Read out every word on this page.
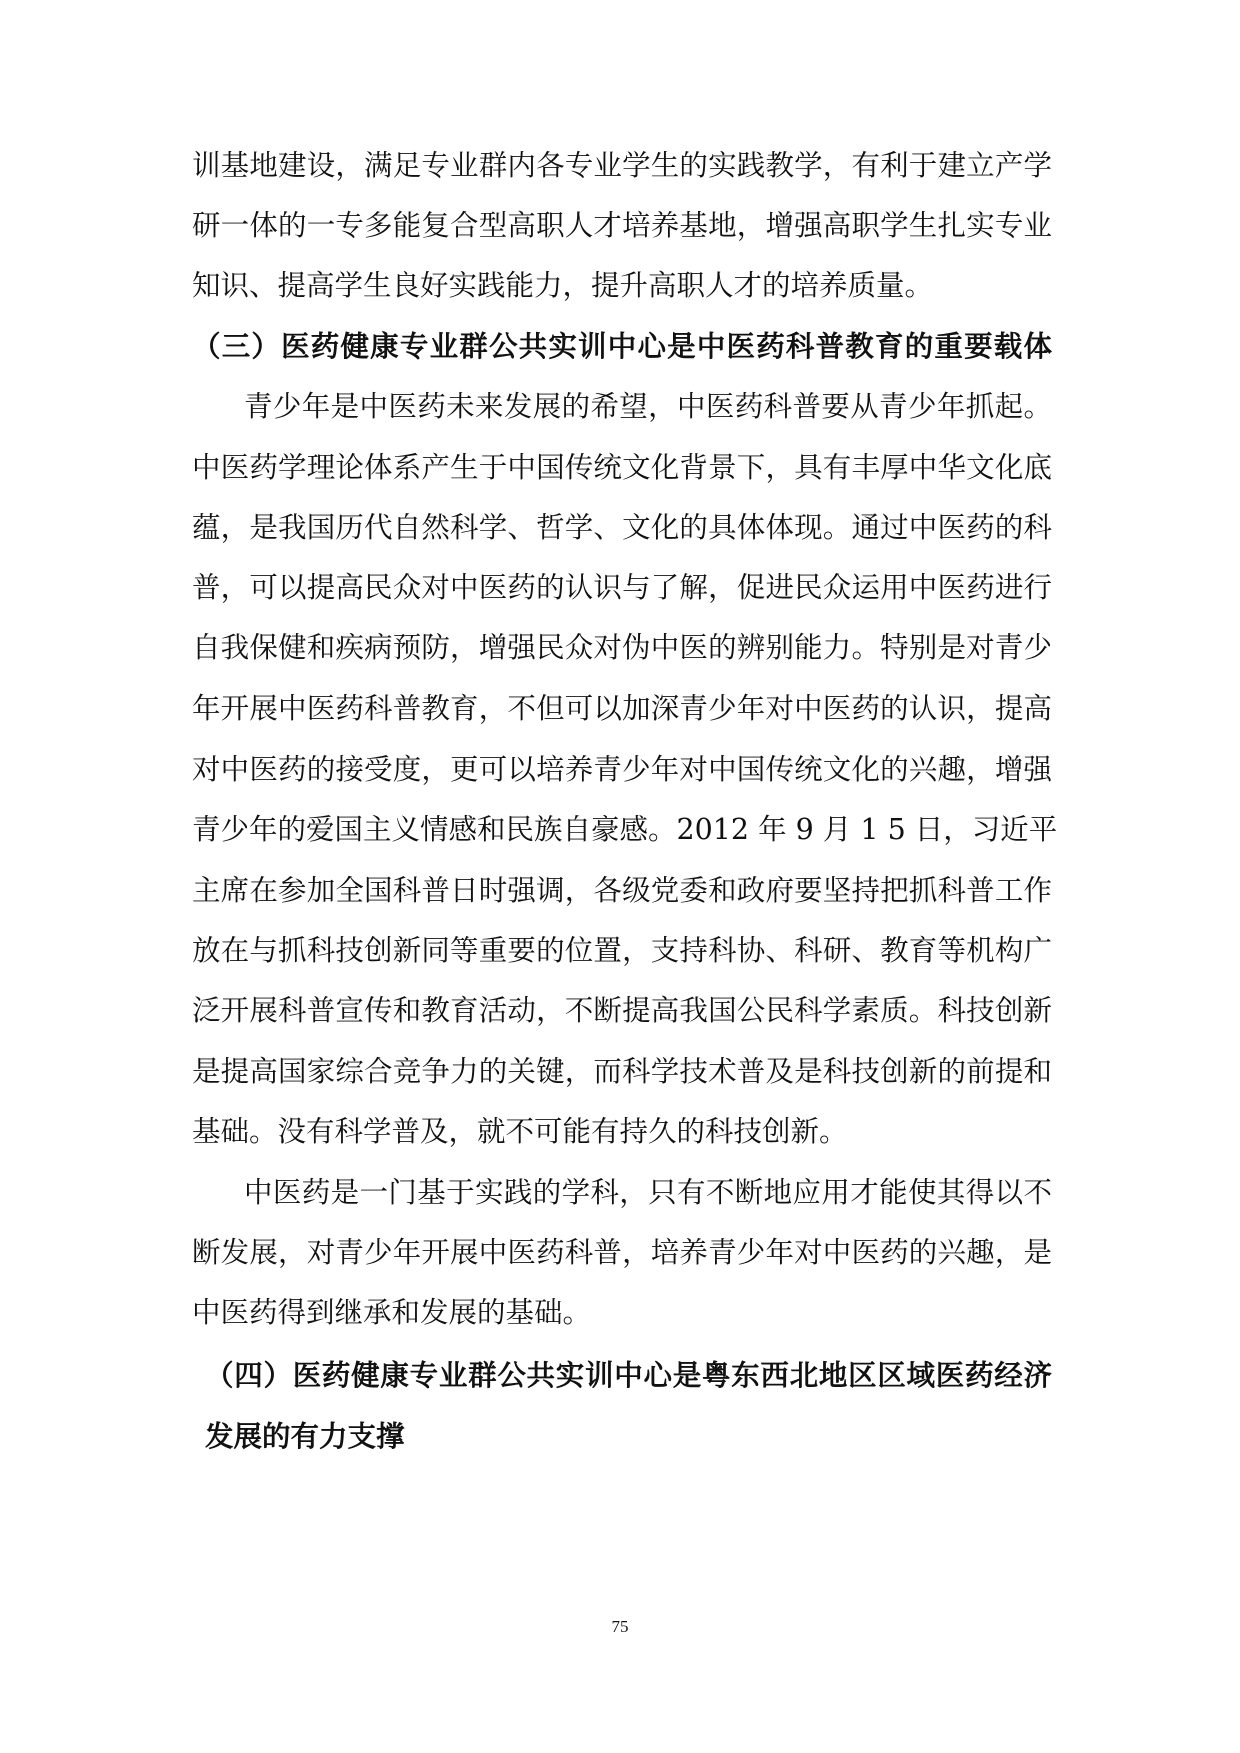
训基地建设，满足专业群内各专业学生的实践教学，有利于建立产学
研一体的一专多能复合型高职人才培养基地，增强高职学生扎实专业
知识、提高学生良好实践能力，提升高职人才的培养质量。
（三）医药健康专业群公共实训中心是中医药科普教育的重要载体
青少年是中医药未来发展的希望，中医药科普要从青少年抓起。
中医药学理论体系产生于中国传统文化背景下，具有丰厚中华文化底
蕴，是我国历代自然科学、哲学、文化的具体体现。通过中医药的科
普，可以提高民众对中医药的认识与了解，促进民众运用中医药进行
自我保健和疾病预防，增强民众对伪中医的辨别能力。特别是对青少
年开展中医药科普教育，不但可以加深青少年对中医药的认识，提高
对中医药的接受度，更可以培养青少年对中国传统文化的兴趣，增强
青少年的爱国主义情感和民族自豪感。2012 年 9 月 1 5 日，习近平
主席在参加全国科普日时强调，各级党委和政府要坚持把抓科普工作
放在与抓科技创新同等重要的位置，支持科协、科研、教育等机构广
泛开展科普宣传和教育活动，不断提高我国公民科学素质。科技创新
是提高国家综合竞争力的关键，而科学技术普及是科技创新的前提和
基础。没有科学普及，就不可能有持久的科技创新。
中医药是一门基于实践的学科，只有不断地应用才能使其得以不
断发展，对青少年开展中医药科普，培养青少年对中医药的兴趣，是
中医药得到继承和发展的基础。
（四）医药健康专业群公共实训中心是粤东西北地区区域医药经济
发展的有力支撑
75
